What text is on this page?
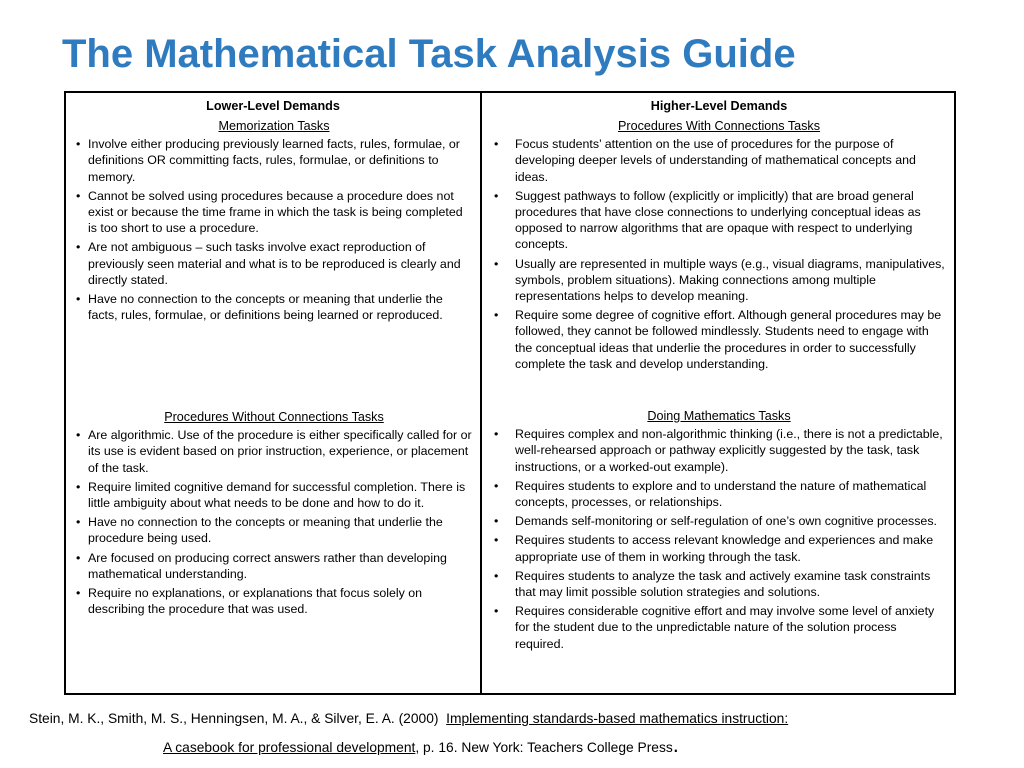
The Mathematical Task Analysis Guide
Lower-Level Demands
Memorization Tasks
• Involve either producing previously learned facts, rules, formulae, or definitions OR committing facts, rules, formulae, or definitions to memory.
• Cannot be solved using procedures because a procedure does not exist or because the time frame in which the task is being completed is too short to use a procedure.
• Are not ambiguous – such tasks involve exact reproduction of previously seen material and what is to be reproduced is clearly and directly stated.
• Have no connection to the concepts or meaning that underlie the facts, rules, formulae, or definitions being learned or reproduced.
Procedures Without Connections Tasks
• Are algorithmic. Use of the procedure is either specifically called for or its use is evident based on prior instruction, experience, or placement of the task.
• Require limited cognitive demand for successful completion. There is little ambiguity about what needs to be done and how to do it.
• Have no connection to the concepts or meaning that underlie the procedure being used.
• Are focused on producing correct answers rather than developing mathematical understanding.
• Require no explanations, or explanations that focus solely on describing the procedure that was used.
Higher-Level Demands
Procedures With Connections Tasks
• Focus students’ attention on the use of procedures for the purpose of developing deeper levels of understanding of mathematical concepts and ideas.
• Suggest pathways to follow (explicitly or implicitly) that are broad general procedures that have close connections to underlying conceptual ideas as opposed to narrow algorithms that are opaque with respect to underlying concepts.
• Usually are represented in multiple ways (e.g., visual diagrams, manipulatives, symbols, problem situations). Making connections among multiple representations helps to develop meaning.
• Require some degree of cognitive effort. Although general procedures may be followed, they cannot be followed mindlessly. Students need to engage with the conceptual ideas that underlie the procedures in order to successfully complete the task and develop understanding.
Doing Mathematics Tasks
• Requires complex and non-algorithmic thinking (i.e., there is not a predictable, well-rehearsed approach or pathway explicitly suggested by the task, task instructions, or a worked-out example).
• Requires students to explore and to understand the nature of mathematical concepts, processes, or relationships.
• Demands self-monitoring or self-regulation of one’s own cognitive processes.
• Requires students to access relevant knowledge and experiences and make appropriate use of them in working through the task.
• Requires students to analyze the task and actively examine task constraints that may limit possible solution strategies and solutions.
• Requires considerable cognitive effort and may involve some level of anxiety for the student due to the unpredictable nature of the solution process required.
Stein, M. K., Smith, M. S., Henningsen, M. A., & Silver, E. A. (2000) Implementing standards-based mathematics instruction:
A casebook for professional development, p. 16. New York: Teachers College Press.
